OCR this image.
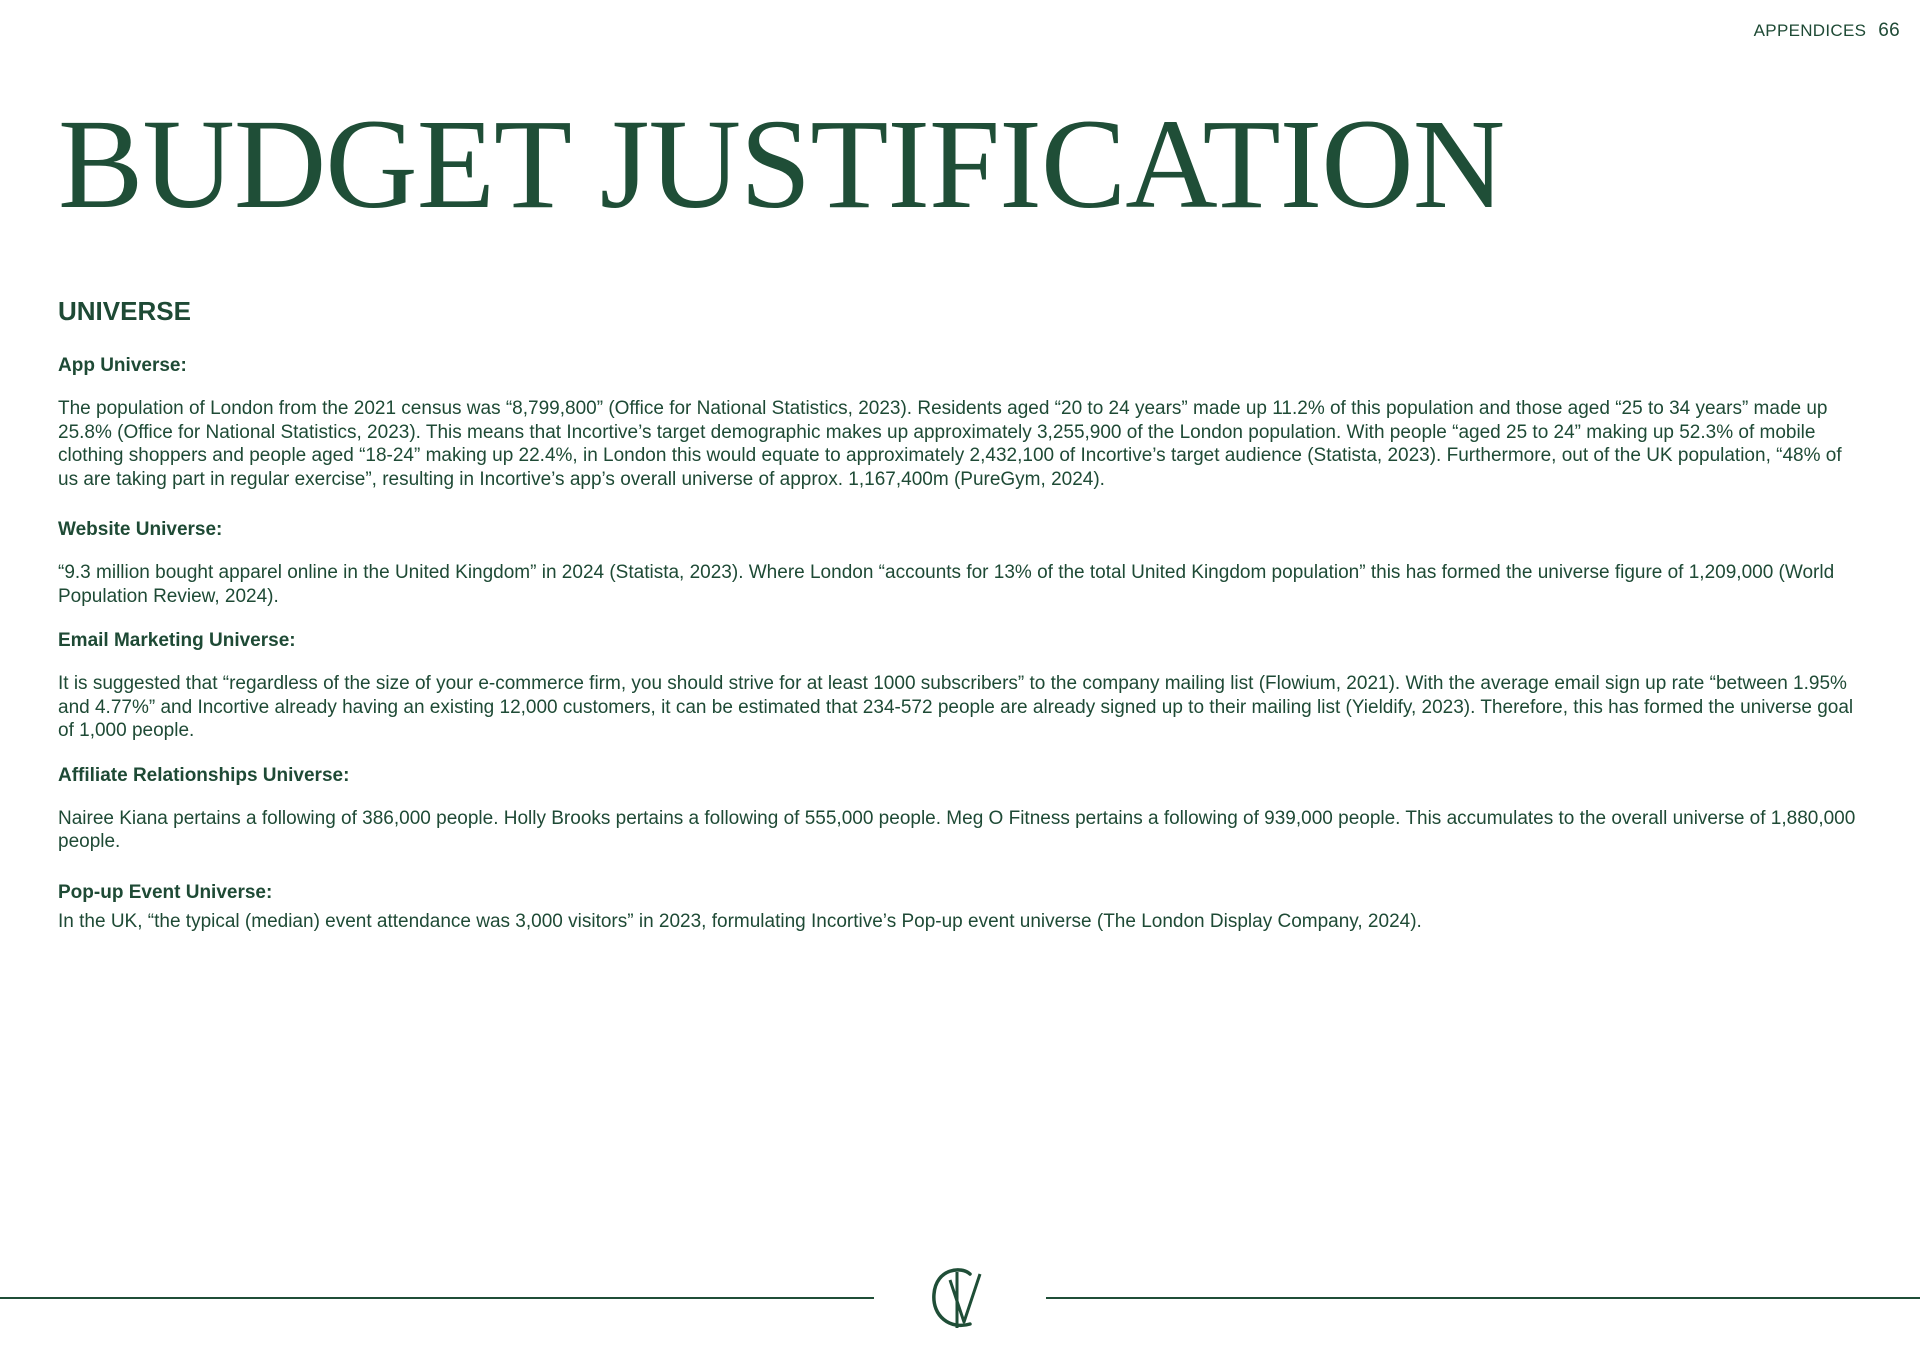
APPENDICES 66
BUDGET JUSTIFICATION
UNIVERSE
App Universe:

The population of London from the 2021 census was “8,799,800” (Office for National Statistics, 2023). Residents aged “20 to 24 years” made up 11.2% of this population and those aged “25 to 34 years” made up 25.8% (Office for National Statistics, 2023). This means that Incortive’s target demographic makes up approximately 3,255,900 of the London population. With people “aged 25 to 24” making up 52.3% of mobile clothing shoppers and people aged “18-24” making up 22.4%, in London this would equate to approximately 2,432,100 of Incortive’s target audience (Statista, 2023). Furthermore, out of the UK population, “48% of us are taking part in regular exercise”, resulting in Incortive’s app’s overall universe of approx. 1,167,400m (PureGym, 2024).

Website Universe:

“9.3 million bought apparel online in the United Kingdom” in 2024 (Statista, 2023). Where London “accounts for 13% of the total United Kingdom population” this has formed the universe figure of 1,209,000 (World Population Review, 2024).

Email Marketing Universe:

It is suggested that “regardless of the size of your e-commerce firm, you should strive for at least 1000 subscribers” to the company mailing list (Flowium, 2021). With the average email sign up rate “between 1.95% and 4.77%” and Incortive already having an existing 12,000 customers, it can be estimated that 234-572 people are already signed up to their mailing list (Yieldify, 2023). Therefore, this has formed the universe goal of 1,000 people.

Affiliate Relationships Universe:

Nairee Kiana pertains a following of 386,000 people. Holly Brooks pertains a following of 555,000 people. Meg O Fitness pertains a following of 939,000 people. This accumulates to the overall universe of 1,880,000 people.

Pop-up Event Universe:

In the UK, “the typical (median) event attendance was 3,000 visitors” in 2023, formulating Incortive’s Pop-up event universe (The London Display Company, 2024).
